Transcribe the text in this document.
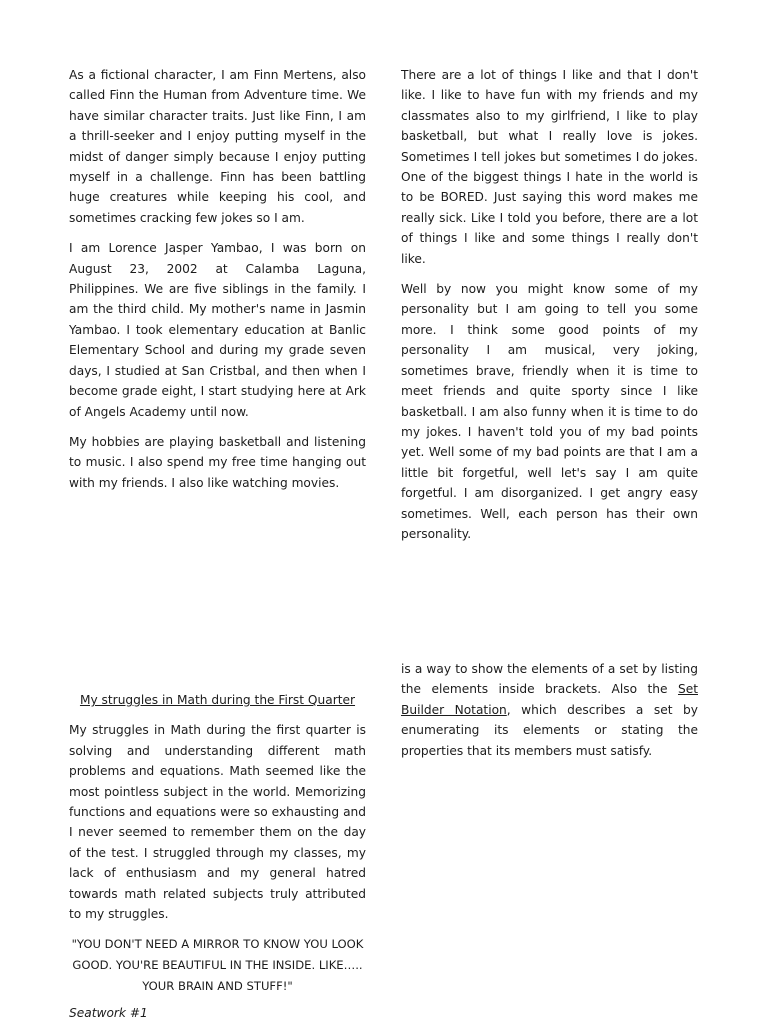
As a fictional character, I am Finn Mertens, also called Finn the Human from Adventure time. We have similar character traits. Just like Finn, I am a thrill-seeker and I enjoy putting myself in the midst of danger simply because I enjoy putting myself in a challenge. Finn has been battling huge creatures while keeping his cool, and sometimes cracking few jokes so I am.

I am Lorence Jasper Yambao, I was born on August 23, 2002 at Calamba Laguna, Philippines. We are five siblings in the family. I am the third child. My mother's name in Jasmin Yambao. I took elementary education at Banlic Elementary School and during my grade seven days, I studied at San Cristbal, and then when I become grade eight, I start studying here at Ark of Angels Academy until now.

My hobbies are playing basketball and listening to music. I also spend my free time hanging out with my friends. I also like watching movies.

There are a lot of things I like and that I don't like. I like to have fun with my friends and my classmates also to my girlfriend, I like to play basketball, but what I really love is jokes. Sometimes I tell jokes but sometimes I do jokes. One of the biggest things I hate in the world is to be BORED. Just saying this word makes me really sick. Like I told you before, there are a lot of things I like and some things I really don't like.

Well by now you might know some of my personality but I am going to tell you some more. I think some good points of my personality I am musical, very joking, sometimes brave, friendly when it is time to meet friends and quite sporty since I like basketball. I am also funny when it is time to do my jokes. I haven't told you of my bad points yet. Well some of my bad points are that I am a little bit forgetful, well let's say I am quite forgetful. I am disorganized. I get angry easy sometimes. Well, each person has their own personality.

My struggles in Math during the First Quarter

My struggles in Math during the first quarter is solving and understanding different math problems and equations. Math seemed like the most pointless subject in the world. Memorizing functions and equations were so exhausting and I never seemed to remember them on the day of the test. I struggled through my classes, my lack of enthusiasm and my general hatred towards math related subjects truly attributed to my struggles.

"YOU DON'T NEED A MIRROR TO KNOW YOU LOOK GOOD. YOU'RE BEAUTIFUL IN THE INSIDE. LIKE….. YOUR BRAIN AND STUFF!"

Seatwork #1

is a way to show the elements of a set by listing the elements inside brackets. Also the Set Builder Notation, which describes a set by enumerating its elements or stating the properties that its members must satisfy.
